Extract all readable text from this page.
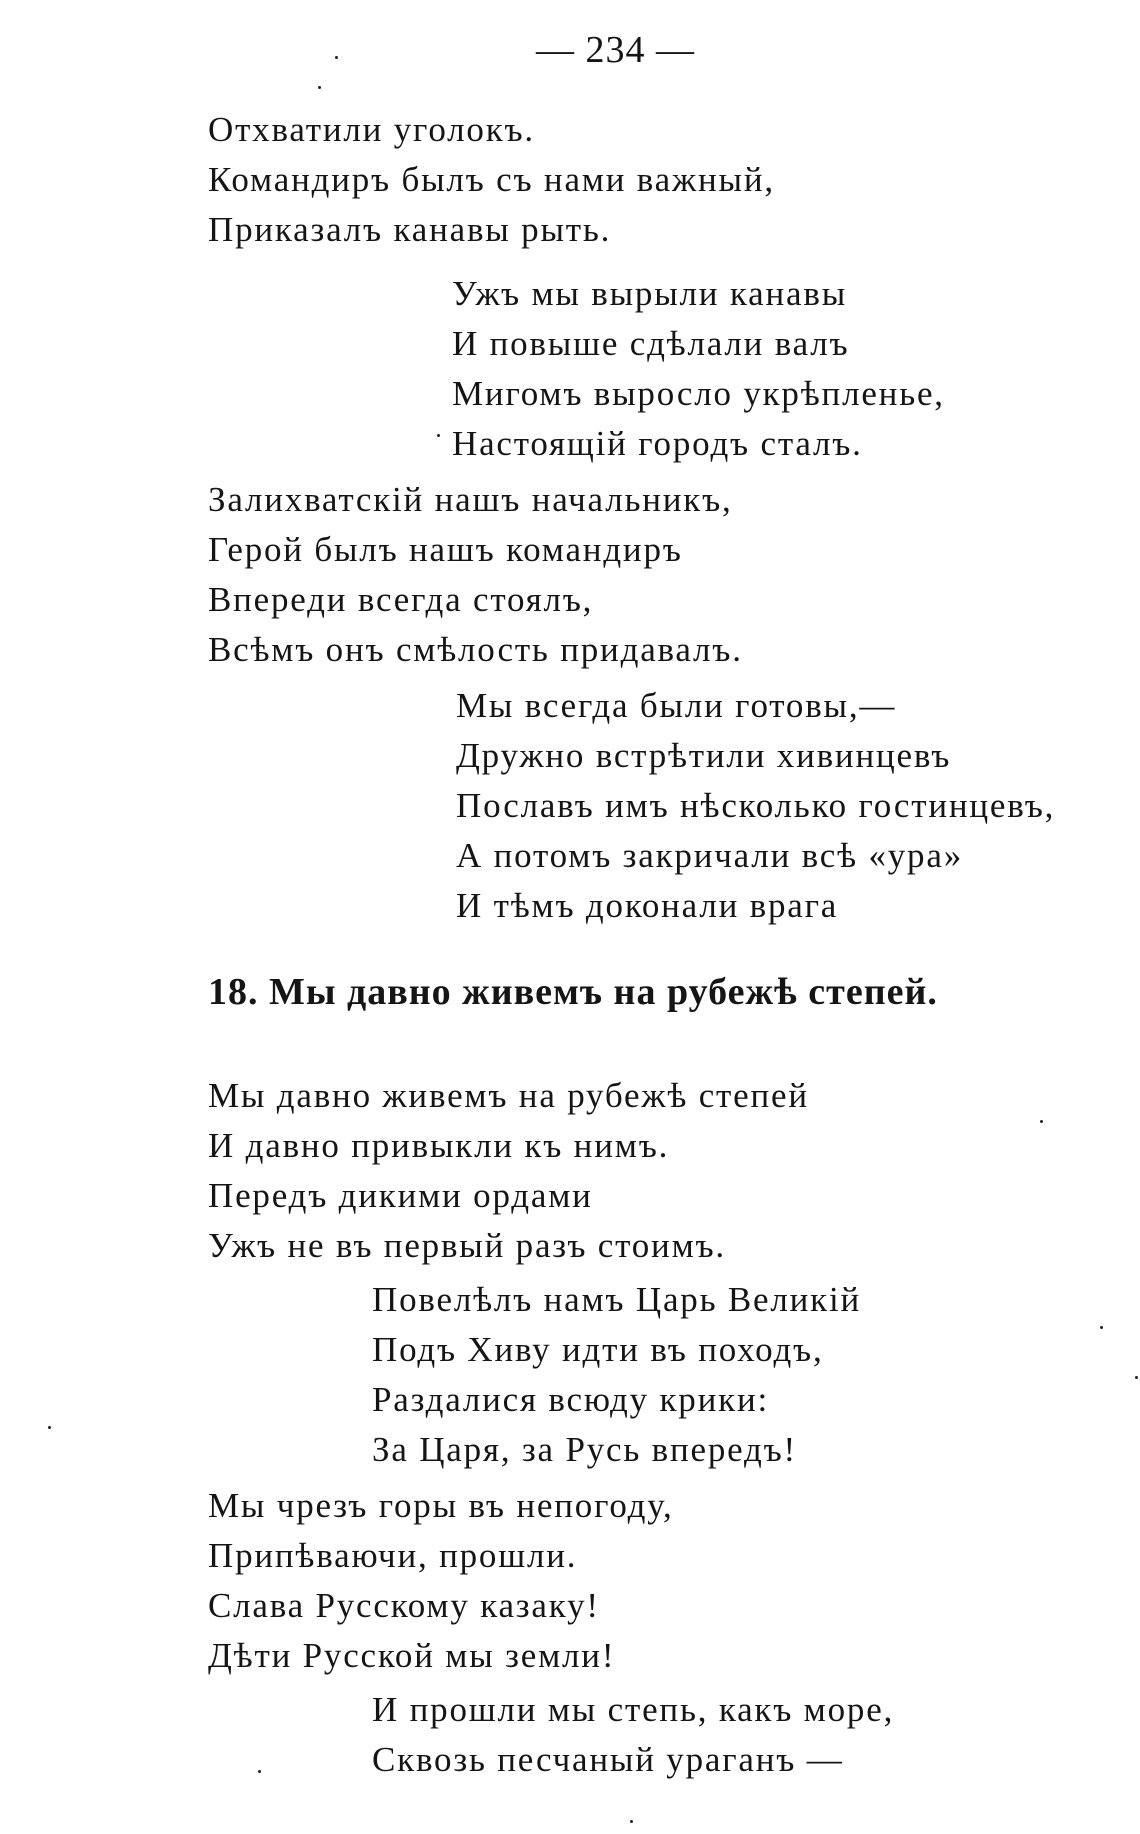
— 234 —
Отхватили уголокъ.
Командиръ былъ съ нами важный,
Приказалъ канавы рыть.
Ужъ мы вырыли канавы
И повыше сдѣлали валъ
Мигомъ выросло укрѣпленье,
Настоящій городъ сталъ.
Залихватскій нашъ начальникъ,
Герой былъ нашъ командиръ
Впереди всегда стоялъ,
Всѣмъ онъ смѣлость придавалъ.
Мы всегда были готовы,—
Дружно встрѣтили хивинцевъ
Пославъ имъ нѣсколько гостинцевъ,
А потомъ закричали всѣ «ура»
И тѣмъ доконали врага
18. Мы давно живемъ на рубежѣ степей.
Мы давно живемъ на рубежѣ степей
И давно привыкли къ нимъ.
Передъ дикими ордами
Ужъ не въ первый разъ стоимъ.
Повелѣлъ намъ Царь Великій
Подъ Хиву идти въ походъ,
Раздалися всюду крики:
За Царя, за Русь впередъ!
Мы чрезъ горы въ непогоду,
Припѣваючи, прошли.
Слава Русскому казаку!
Дѣти Русской мы земли!
И прошли мы степь, какъ море,
Сквозь песчаный ураганъ —
